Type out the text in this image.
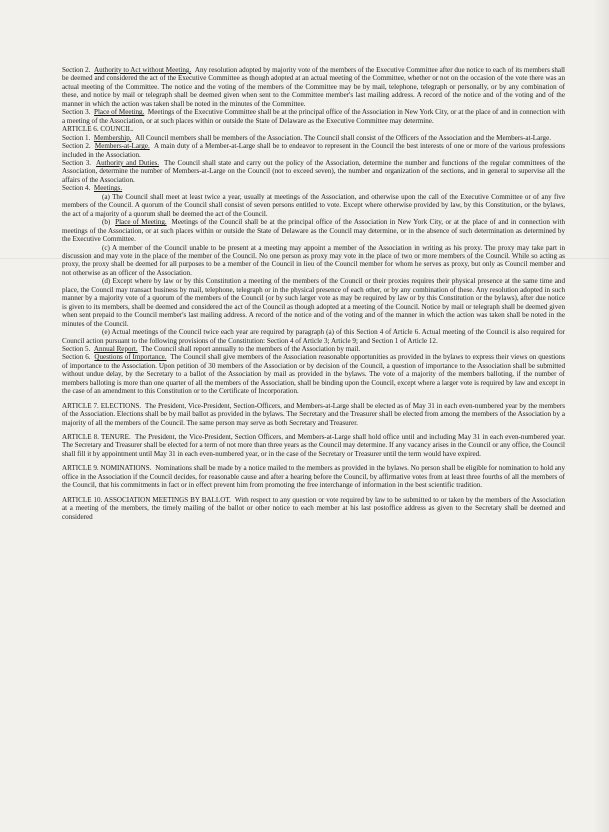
Section 2. Authority to Act without Meeting. Any resolution adopted by majority vote of the members of the Executive Committee after due notice to each of its members shall be deemed and considered the act of the Executive Committee as though adopted at an actual meeting of the Committee, whether or not on the occasion of the vote there was an actual meeting of the Committee. The notice and the voting of the members of the Committee may be by mail, telephone, telegraph or personally, or by any combination of these, and notice by mail or telegraph shall be deemed given when sent to the Committee member's last mailing address. A record of the notice and of the voting and of the manner in which the action was taken shall be noted in the minutes of the Committee.

Section 3. Place of Meeting. Meetings of the Executive Committee shall be at the principal office of the Association in New York City, or at the place of and in connection with a meeting of the Association, or at such places within or outside the State of Delaware as the Executive Committee may determine.

ARTICLE 6. COUNCIL.

Section 1. Membership. All Council members shall be members of the Association. The Council shall consist of the Officers of the Association and the Members-at-Large.

Section 2. Members-at-Large. A main duty of a Member-at-Large shall be to endeavor to represent in the Council the best interests of one or more of the various professions included in the Association.

Section 3. Authority and Duties. The Council shall state and carry out the policy of the Association, determine the number and functions of the regular committees of the Association, determine the number of Members-at-Large on the Council (not to exceed seven), the number and organization of the sections, and in general to supervise all the affairs of the Association.

Section 4. Meetings.

(a) The Council shall meet at least twice a year, usually at meetings of the Association, and otherwise upon the call of the Executive Committee or of any five members of the Council. A quorum of the Council shall consist of seven persons entitled to vote. Except where otherwise provided by law, by this Constitution, or the bylaws, the act of a majority of a quorum shall be deemed the act of the Council.

(b) Place of Meeting. Meetings of the Council shall be at the principal office of the Association in New York City, or at the place of and in connection with meetings of the Association, or at such places within or outside the State of Delaware as the Council may determine, or in the absence of such determination as determined by the Executive Committee.

(c) A member of the Council unable to be present at a meeting may appoint a member of the Association in writing as his proxy. The proxy may take part in discussion and may vote in the place of the member of the Council. No one person as proxy may vote in the place of two or more members of the Council. While so acting as proxy, the proxy shall be deemed for all purposes to be a member of the Council in lieu of the Council member for whom he serves as proxy, but only as Council member and not otherwise as an officer of the Association.

(d) Except where by law or by this Constitution a meeting of the members of the Council or their proxies requires their physical presence at the same time and place, the Council may transact business by mail, telephone, telegraph or in the physical presence of each other, or by any combination of these. Any resolution adopted in such manner by a majority vote of a quorum of the members of the Council (or by such larger vote as may be required by law or by this Constitution or the bylaws), after due notice is given to its members, shall be deemed and considered the act of the Council as though adopted at a meeting of the Council. Notice by mail or telegraph shall be deemed given when sent prepaid to the Council member's last mailing address. A record of the notice and of the voting and of the manner in which the action was taken shall be noted in the minutes of the Council.

(e) Actual meetings of the Council twice each year are required by paragraph (a) of this Section 4 of Article 6. Actual meeting of the Council is also required for Council action pursuant to the following provisions of the Constitution: Section 4 of Article 3; Article 9; and Section 1 of Article 12.

Section 5. Annual Report. The Council shall report annually to the members of the Association by mail.

Section 6. Questions of Importance. The Council shall give members of the Association reasonable opportunities as provided in the bylaws to express their views on questions of importance to the Association. Upon petition of 30 members of the Association or by decision of the Council, a question of importance to the Association shall be submitted without undue delay, by the Secretary to a ballot of the Association by mail as provided in the bylaws. The vote of a majority of the members balloting, if the number of members balloting is more than one quarter of all the members of the Association, shall be binding upon the Council, except where a larger vote is required by law and except in the case of an amendment to this Constitution or to the Certificate of Incorporation.

ARTICLE 7. ELECTIONS. The President, Vice-President, Section-Officers, and Members-at-Large shall be elected as of May 31 in each even-numbered year by the members of the Association. Elections shall be by mail ballot as provided in the bylaws. The Secretary and the Treasurer shall be elected from among the members of the Association by a majority of all the members of the Council. The same person may serve as both Secretary and Treasurer.

ARTICLE 8. TENURE. The President, the Vice-President, Section Officers, and Members-at-Large shall hold office until and including May 31 in each even-numbered year. The Secretary and Treasurer shall be elected for a term of not more than three years as the Council may determine. If any vacancy arises in the Council or any office, the Council shall fill it by appointment until May 31 in each even-numbered year, or in the case of the Secretary or Treasurer until the term would have expired.

ARTICLE 9. NOMINATIONS. Nominations shall be made by a notice mailed to the members as provided in the bylaws. No person shall be eligible for nomination to hold any office in the Association if the Council decides, for reasonable cause and after a hearing before the Council, by affirmative votes from at least three fourths of all the members of the Council, that his commitments in fact or in effect prevent him from promoting the free interchange of information in the best scientific tradition.

ARTICLE 10. ASSOCIATION MEETINGS BY BALLOT. With respect to any question or vote required by law to be submitted to or taken by the members of the Association at a meeting of the members, the timely mailing of the ballot or other notice to each member at his last postoffice address as given to the Secretary shall be deemed and considered
